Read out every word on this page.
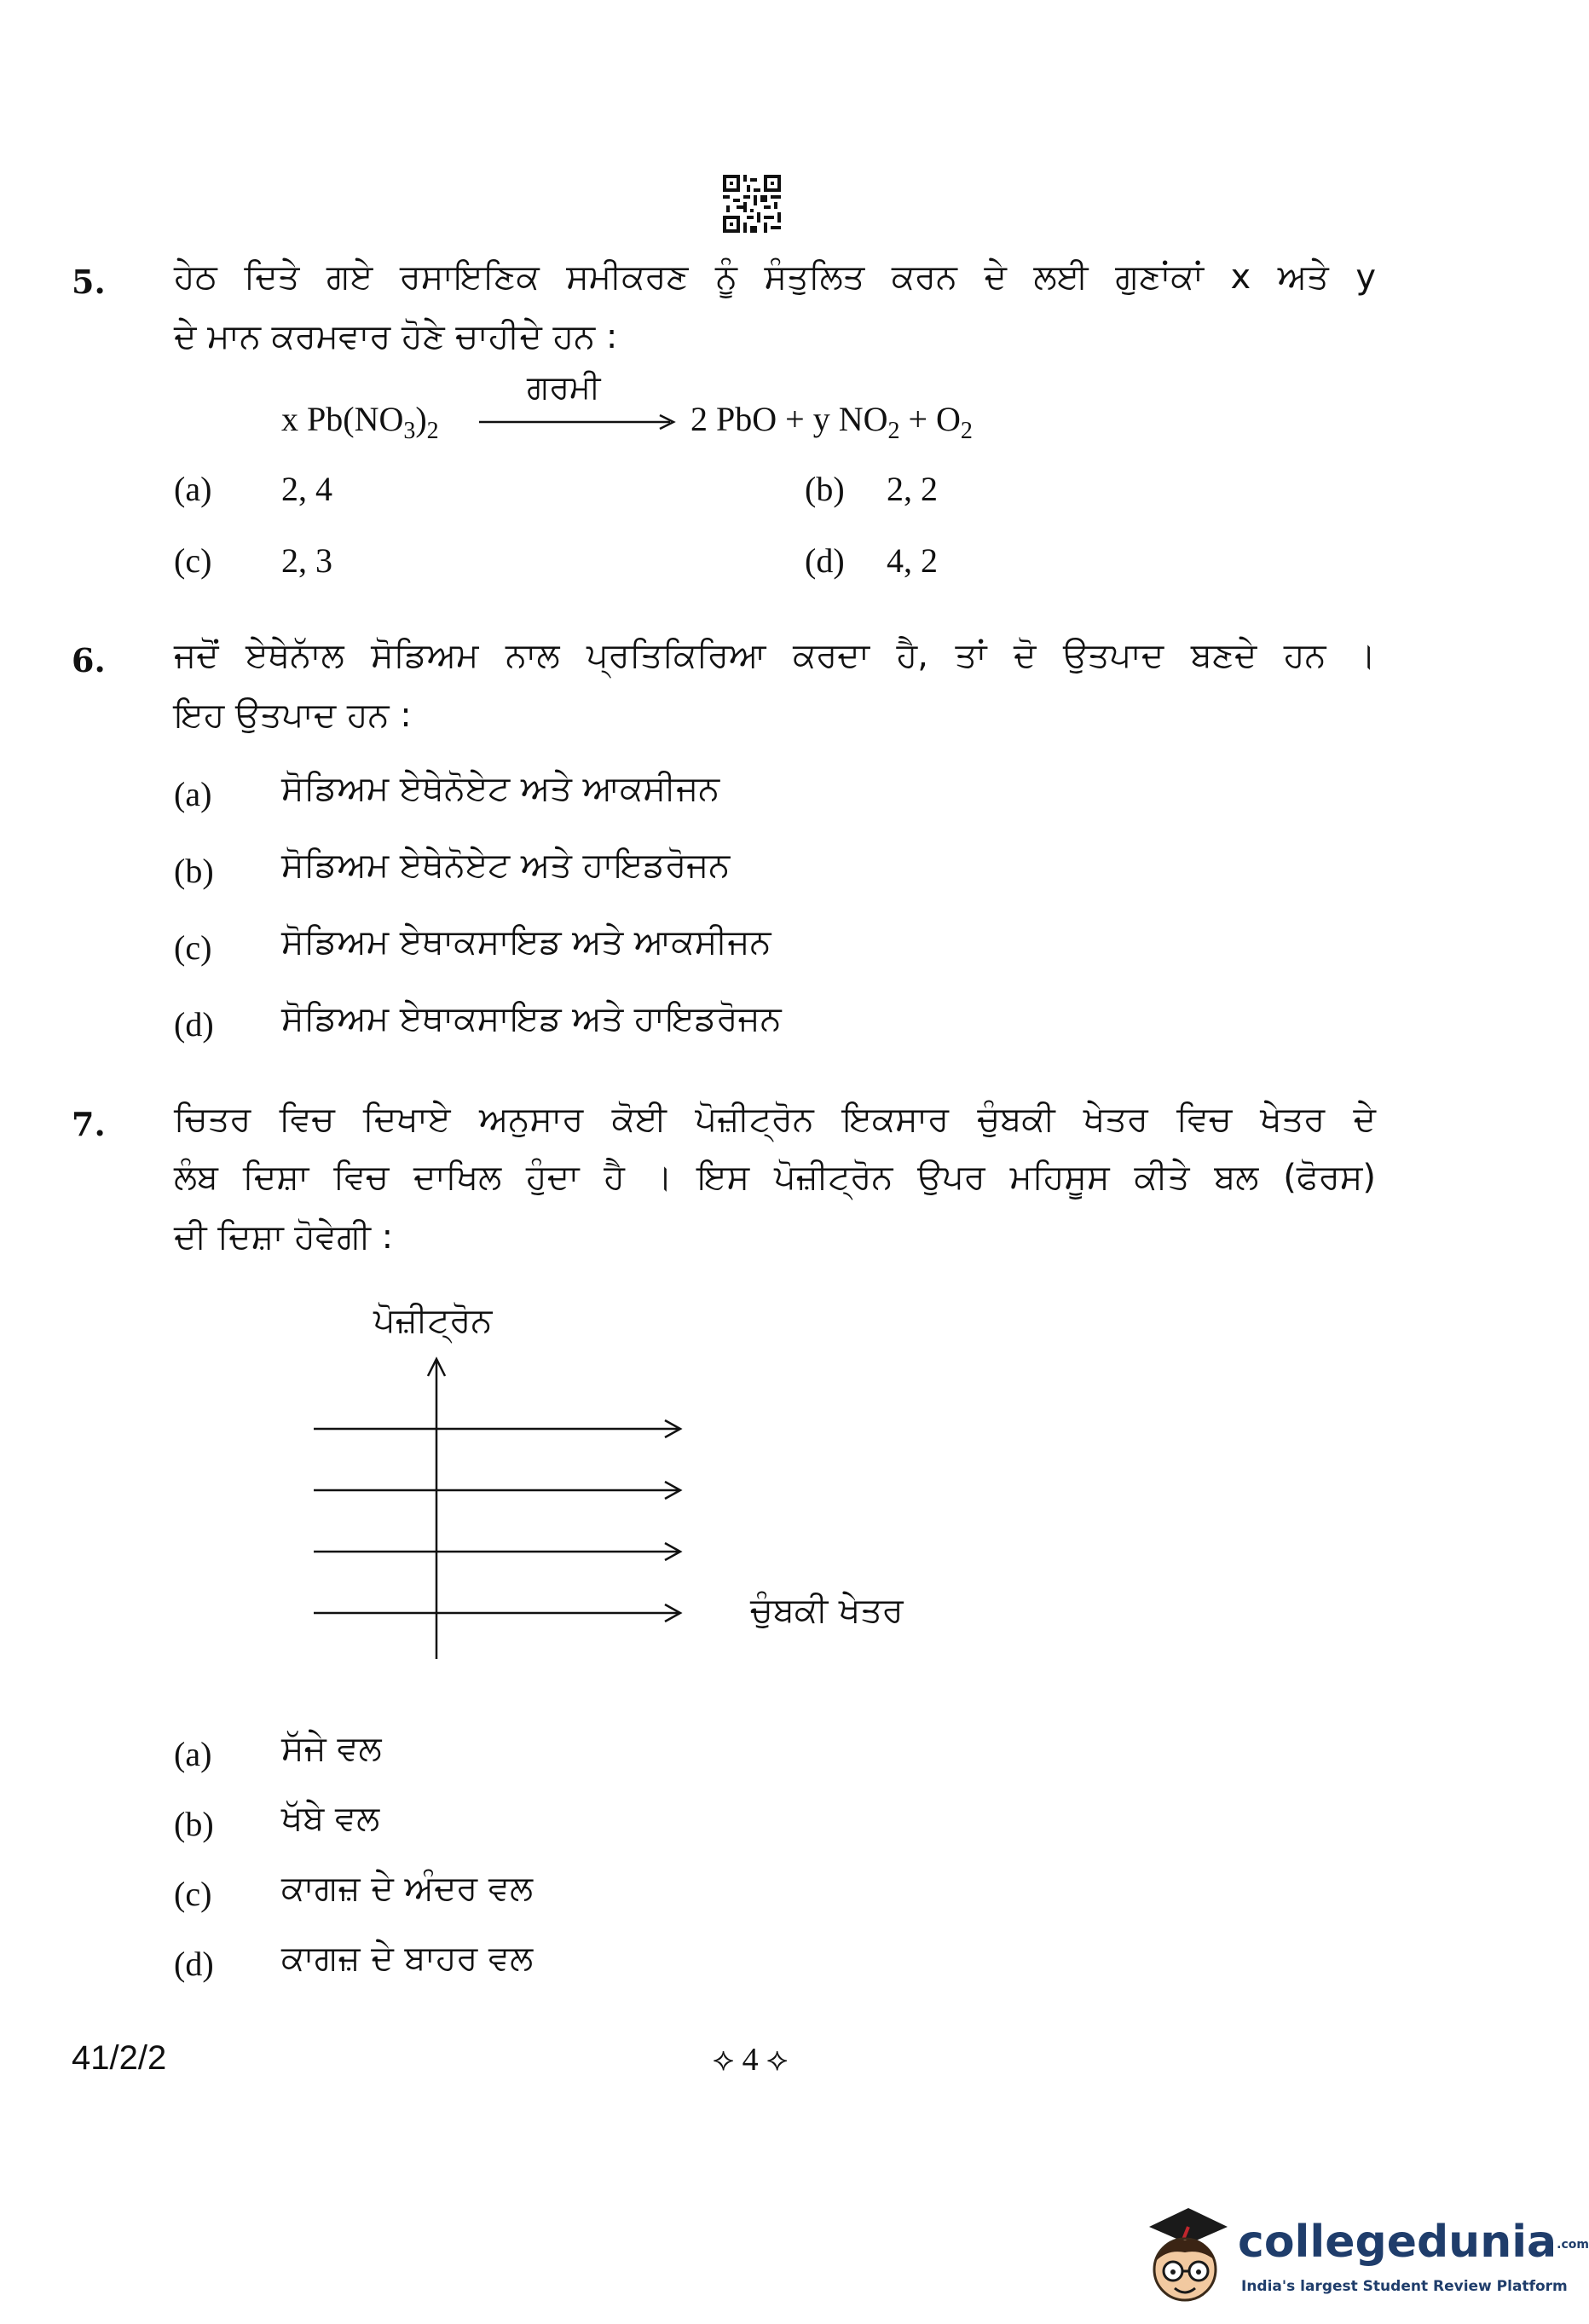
5. ਹੇਠ ਦਿਤੇ ਗਏ ਰਸਾਇਣਿਕ ਸਮੀਕਰਣ ਨੂੰ ਸੰਤੁਲਿਤ ਕਰਨ ਦੇ ਲਈ ਗੁਣਾਂਕਾਂ x ਅਤੇ y
ਦੇ ਮਾਨ ਕਰਮਵਾਰ ਹੋਣੇ ਚਾਹੀਦੇ ਹਨ :
x $Pb(NO_3)_2$
ਗਰਮੀ
2 PbO + y $NO_2 + O_2$
(a) 2, 4	(b) 2, 2
(c) 2, 3	(d) 4, 2
6. ਜਦੋਂ ਏਥੇਨਾੱਲ ਸੋਡਿਅਮ ਨਾਲ ਪ੍ਰਤਿਕਿਰਿਆ ਕਰਦਾ ਹੈ, ਤਾਂ ਦੋ ਉਤਪਾਦ ਬਣਦੇ ਹਨ ।
ਇਹ ਉਤਪਾਦ ਹਨ :
(a) ਸੋਡਿਅਮ ਏਥੇਨੋਏਟ ਅਤੇ ਆਕਸੀਜਨ
(b) ਸੋਡਿਅਮ ਏਥੇਨੋਏਟ ਅਤੇ ਹਾਇਡਰੋਜਨ
(c) ਸੋਡਿਅਮ ਏਥਾਕਸਾਇਡ ਅਤੇ ਆਕਸੀਜਨ
(d) ਸੋਡਿਅਮ ਏਥਾਕਸਾਇਡ ਅਤੇ ਹਾਇਡਰੋਜਨ
7. ਚਿਤਰ ਵਿਚ ਦਿਖਾਏ ਅਨੁਸਾਰ ਕੋਈ ਪੋਜ਼ੀਟ੍ਰੋਨ ਇਕਸਾਰ ਚੁੰਬਕੀ ਖੇਤਰ ਵਿਚ ਖੇਤਰ ਦੇ
ਲੰਬ ਦਿਸ਼ਾ ਵਿਚ ਦਾਖਿਲ ਹੁੰਦਾ ਹੈ । ਇਸ ਪੋਜ਼ੀਟ੍ਰੋਨ ਉਪਰ ਮਹਿਸੂਸ ਕੀਤੇ ਬਲ (ਫੋਰਸ)
ਦੀ ਦਿਸ਼ਾ ਹੋਵੇਗੀ :
ਪੋਜ਼ੀਟ੍ਰੋਨ
ਚੁੰਬਕੀ ਖੇਤਰ
(a) ਸੱਜੇ ਵਲ
(b) ਖੱਬੇ ਵਲ
(c) ਕਾਗਜ਼ ਦੇ ਅੰਦਰ ਵਲ
(d) ਕਾਗਜ਼ ਦੇ ਬਾਹਰ ਵਲ
41/2/2	⟡ 4 ⟡
collegedunia.com
India's largest Student Review Platform
